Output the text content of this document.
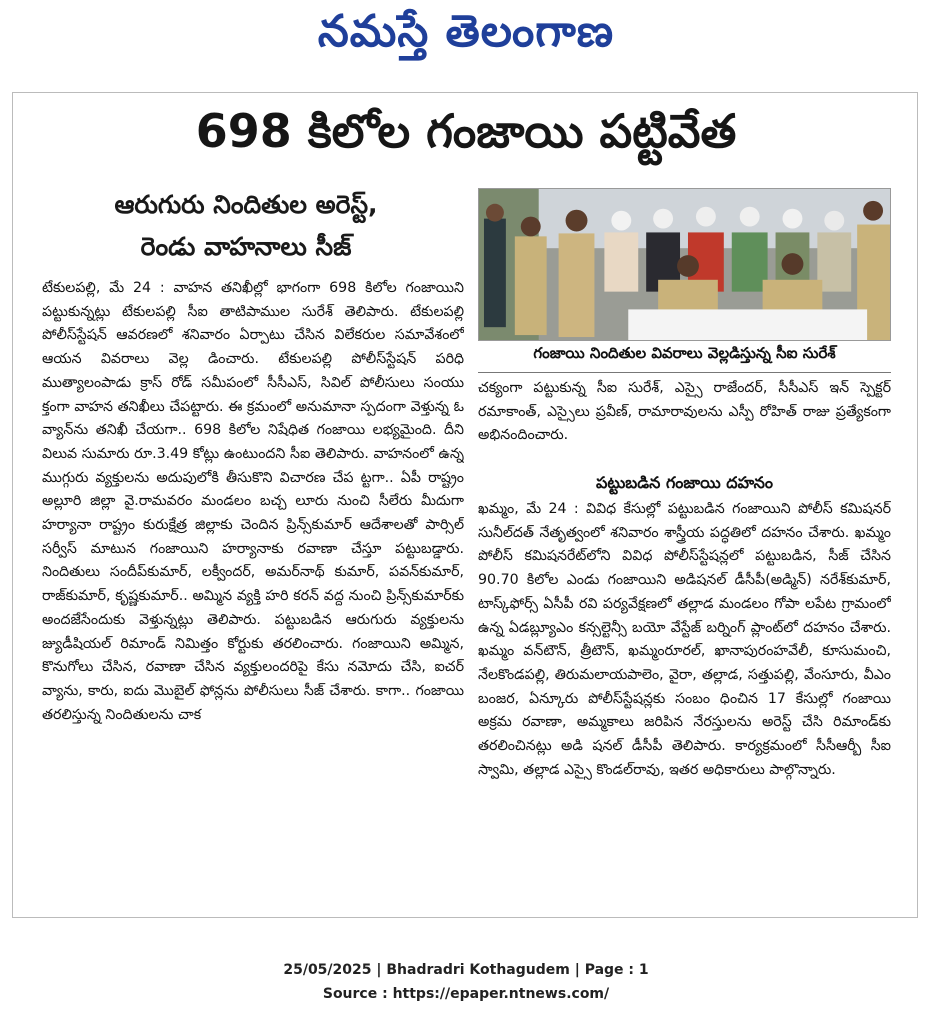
నమస్తే తెలంగాణ
698 కిలోల గంజాయి పట్టివేత
ఆరుగురు నిందితుల అరెస్ట్,
రెండు వాహనాలు సీజ్

టేకులపల్లి, మే 24 : వాహన తనిఖీల్లో భాగంగా 698 కిలోల గంజాయిని పట్టుకున్నట్లు టేకులపల్లి సీఐ తాటిపాముల సురేశ్ తెలిపారు. టేకులపల్లి పోలీస్‌స్టేషన్ ఆవరణలో శనివారం ఏర్పాటు చేసిన విలేకరుల సమావేశంలో ఆయన వివరాలు వెల్ల డించారు. టేకులపల్లి పోలీస్‌స్టేషన్ పరిధి ముత్యాలంపాడు క్రాస్ రోడ్ సమీపంలో సీసీఎస్, సివిల్ పోలీసులు సంయు క్తంగా వాహన తనిఖీలు చేపట్టారు. ఈ క్రమంలో అనుమానా స్పదంగా వెళ్తున్న ఓ వ్యాన్‌ను తనిఖీ చేయగా.. 698 కిలోల నిషేధిత గంజాయి లభ్యమైంది. దీని విలువ సుమారు రూ.3.49 కోట్లు ఉంటుందని సీఐ తెలిపారు. వాహనంలో ఉన్న ముగ్గురు వ్యక్తులను అదుపులోకి తీసుకొని విచారణ చేప ట్టగా.. ఏపీ రాష్ట్రం అల్లూరి జిల్లా వై.రామవరం మండలం బచ్చ లూరు నుంచి సీలేరు మీదుగా హర్యానా రాష్ట్రం కురుక్షేత్ర జిల్లాకు చెందిన ప్రిన్స్‌కుమార్ ఆదేశాలతో పార్సిల్ సర్వీస్ మాటున గంజాయిని హర్యానాకు రవాణా చేస్తూ పట్టుబడ్డారు. నిందితులు సందీప్‌కుమార్, లక్వీందర్, అమర్‌నాథ్ కుమార్, పవన్‌కుమార్, రాజ్‌కుమార్, కృష్ణకుమార్.. అమ్మిన వ్యక్తి హరి కరన్ వద్ద నుంచి ప్రిన్స్‌కుమార్‌కు అందజేసేందుకు వెళ్తున్నట్లు తెలిపారు. పట్టుబడిన ఆరుగురు వ్యక్తులను జ్యుడీషియల్ రిమాండ్ నిమిత్తం కోర్టుకు తరలించారు. గంజాయిని అమ్మిన, కొనుగోలు చేసిన, రవాణా చేసిన వ్యక్తులందరిపై కేసు నమోదు చేసి, ఐచర్ వ్యాను, కారు, ఐదు మొబైల్ ఫోన్లను పోలీసులు సీజ్ చేశారు. కాగా.. గంజాయి తరలిస్తున్న నిందితులను చాక

గంజాయి నిందితుల వివరాలు వెల్లడిస్తున్న సీఐ సురేశ్

చక్యంగా పట్టుకున్న సీఐ సురేశ్, ఎస్సై రాజేందర్, సీసీఎస్ ఇన్ స్పెక్టర్ రమాకాంత్, ఎస్సైలు ప్రవీణ్, రామారావులను ఎస్పీ రోహిత్ రాజు ప్రత్యేకంగా అభినందించారు.

పట్టుబడిన గంజాయి దహనం

ఖమ్మం, మే 24 : వివిధ కేసుల్లో పట్టుబడిన గంజాయిని పోలీస్ కమిషనర్ సునీల్‌దత్ నేతృత్వంలో శనివారం శాస్త్రీయ పద్ధతిలో దహనం చేశారు. ఖమ్మం పోలీస్ కమిషనరేట్‌లోని వివిధ పోలీస్‌స్టేషన్లలో పట్టుబడిన, సీజ్ చేసిన 90.70 కిలోల ఎండు గంజాయిని అడిషనల్ డీసీపీ(అడ్మిన్) నరేశ్‌కుమార్, టాస్క్‌ఫోర్స్ ఏసీపీ రవి పర్యవేక్షణలో తల్లాడ మండలం గోపా లపేట గ్రామంలో ఉన్న ఏడబ్ల్యూఎం కన్సల్టెన్సీ బయో వేస్టేజ్ బర్నింగ్ ప్లాంట్‌లో దహనం చేశారు. ఖమ్మం వన్‌టౌన్, త్రీటౌన్, ఖమ్మంరూరల్, ఖానాపురంహవేలీ, కూసుమంచి, నేలకొండపల్లి, తిరుమలాయపాలెం, వైరా, తల్లాడ, సత్తుపల్లి, వేంసూరు, వీఎం బంజర, ఏన్కూరు పోలీస్‌స్టేషన్లకు సంబం ధించిన 17 కేసుల్లో గంజాయి అక్రమ రవాణా, అమ్మకాలు జరిపిన నేరస్తులను అరెస్ట్ చేసి రిమాండ్‌కు తరలించినట్లు అడి షనల్ డీసీపీ తెలిపారు. కార్యక్రమంలో సీసీఆర్బీ సీఐ స్వామి, తల్లాడ ఎస్సై కొండల్‌రావు, ఇతర అధికారులు పాల్గొన్నారు.

25/05/2025 | Bhadradri Kothagudem | Page : 1
Source : https://epaper.ntnews.com/
